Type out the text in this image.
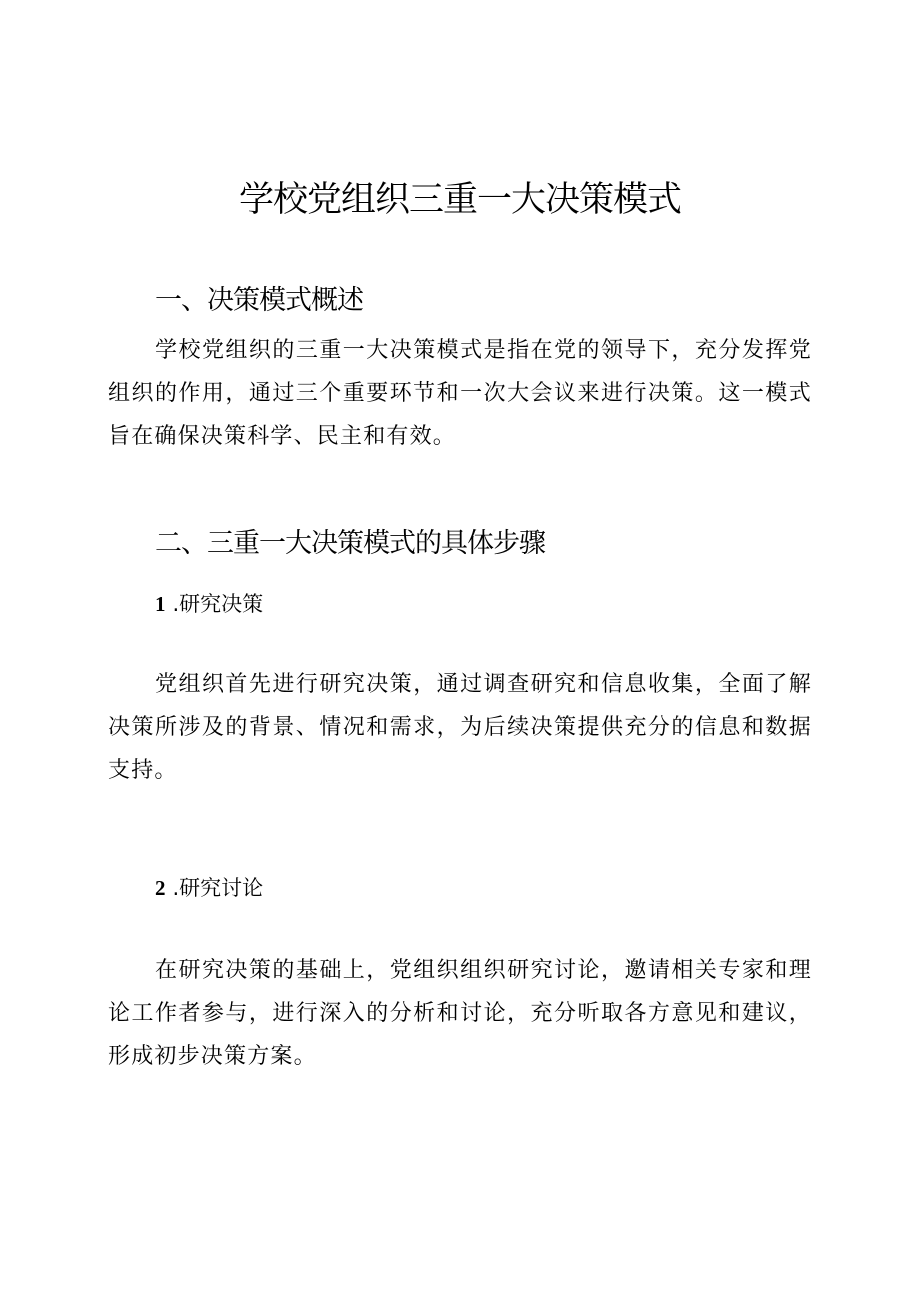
学校党组织三重一大决策模式
一、决策模式概述

学校党组织的三重一大决策模式是指在党的领导下，充分发挥党组织的作用，通过三个重要环节和一次大会议来进行决策。这一模式旨在确保决策科学、民主和有效。

二、三重一大决策模式的具体步骤
1 .研究决策

党组织首先进行研究决策，通过调查研究和信息收集，全面了解决策所涉及的背景、情况和需求，为后续决策提供充分的信息和数据支持。

2 .研究讨论

在研究决策的基础上，党组织组织研究讨论，邀请相关专家和理论工作者参与，进行深入的分析和讨论，充分听取各方意见和建议，形成初步决策方案。
